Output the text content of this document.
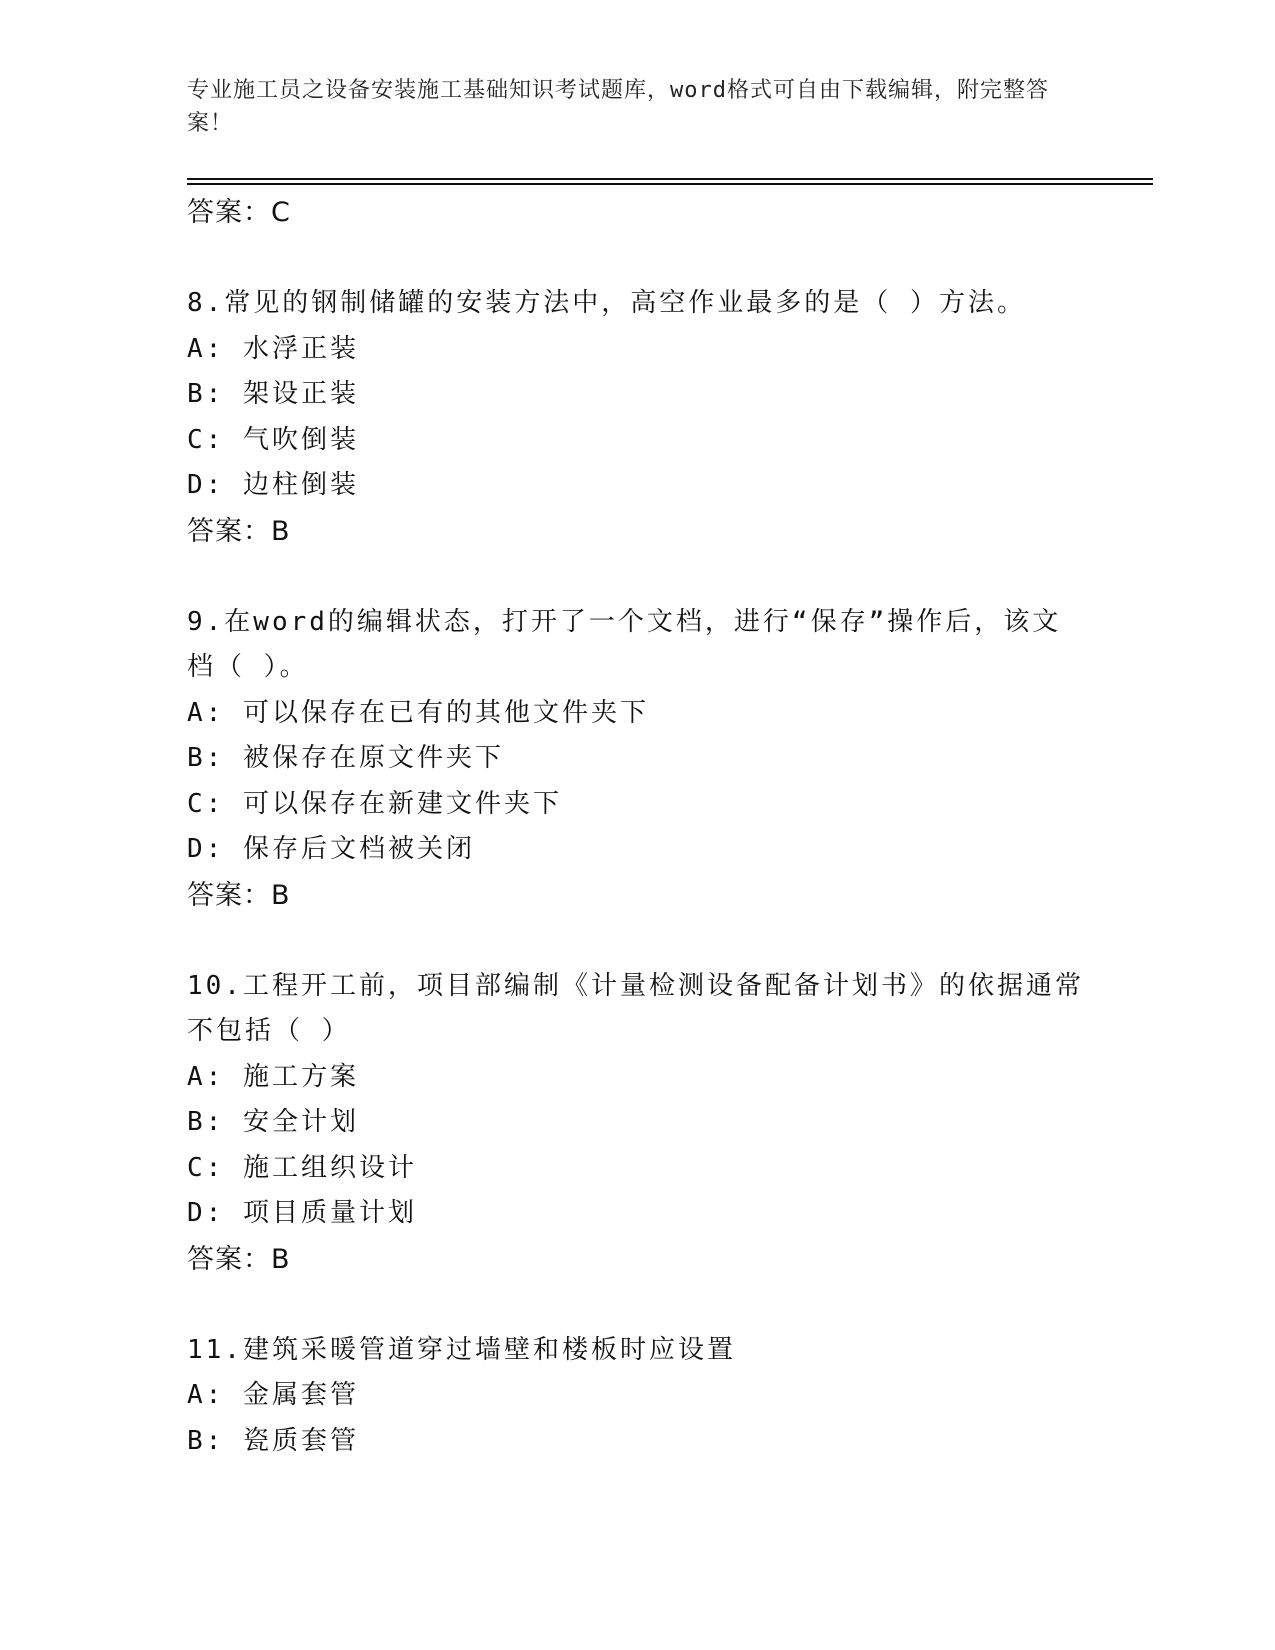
专业施工员之设备安装施工基础知识考试题库，word格式可自由下载编辑，附完整答案！
答案：C
8.常见的钢制储罐的安装方法中，高空作业最多的是（ ）方法。
A: 水浮正装
B: 架设正装
C: 气吹倒装
D: 边柱倒装
答案：B
9.在word的编辑状态，打开了一个文档，进行“保存”操作后，该文档（ ）。
A: 可以保存在已有的其他文件夹下
B: 被保存在原文件夹下
C: 可以保存在新建文件夹下
D: 保存后文档被关闭
答案：B
10.工程开工前，项目部编制《计量检测设备配备计划书》的依据通常不包括（ ）
A: 施工方案
B: 安全计划
C: 施工组织设计
D: 项目质量计划
答案：B
11.建筑采暖管道穿过墙壁和楼板时应设置
A: 金属套管
B: 瓷质套管
